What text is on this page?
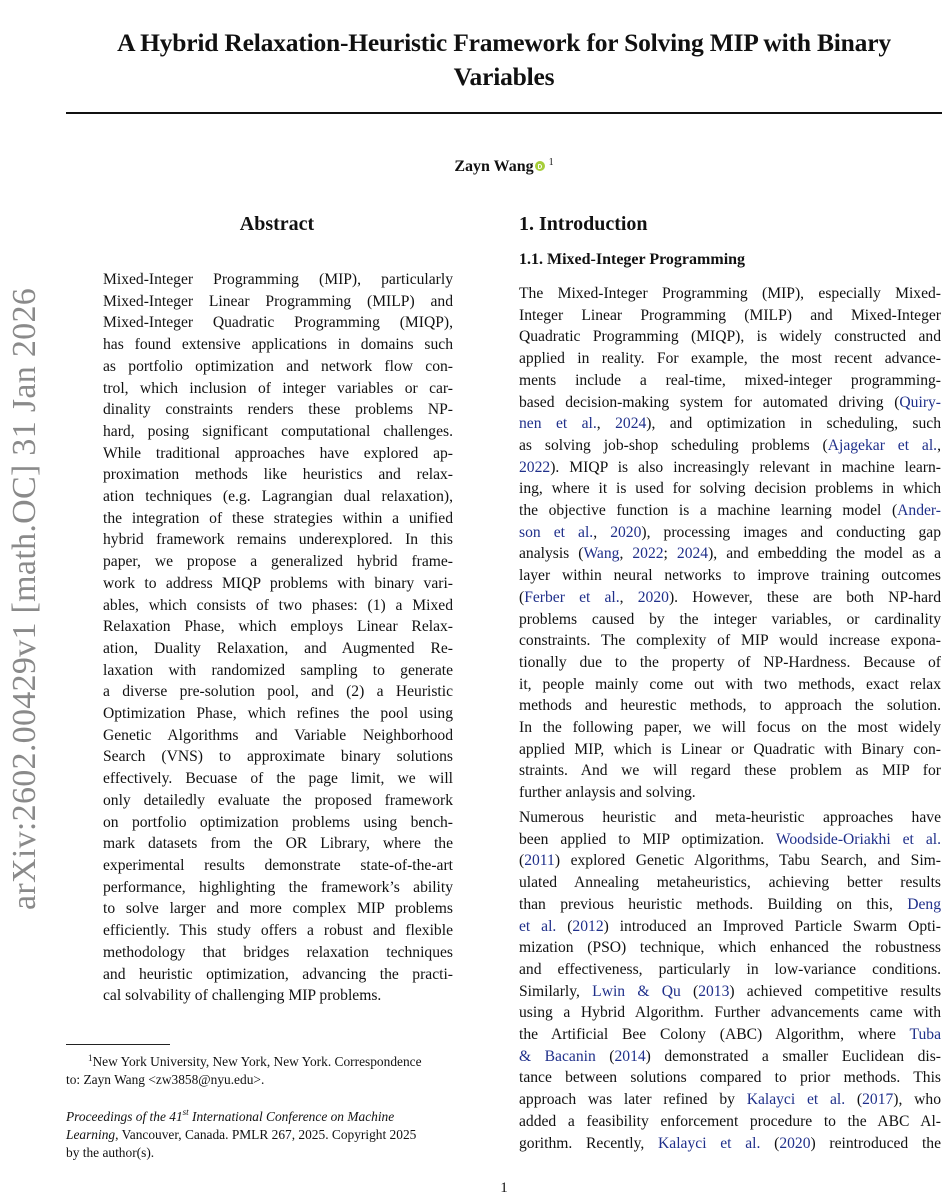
arXiv:2602.00429v1 [math.OC] 31 Jan 2026
A Hybrid Relaxation-Heuristic Framework for Solving MIP with Binary
Variables
Zayn Wang $^1$
Abstract
Mixed-Integer Programming (MIP), particularly
Mixed-Integer Linear Programming (MILP) and
Mixed-Integer Quadratic Programming (MIQP),
has found extensive applications in domains such
as portfolio optimization and network flow con-
trol, which inclusion of integer variables or car-
dinality constraints renders these problems NP-
hard, posing significant computational challenges.
While traditional approaches have explored ap-
proximation methods like heuristics and relax-
ation techniques (e.g. Lagrangian dual relaxation),
the integration of these strategies within a unified
hybrid framework remains underexplored. In this
paper, we propose a generalized hybrid frame-
work to address MIQP problems with binary vari-
ables, which consists of two phases: (1) a Mixed
Relaxation Phase, which employs Linear Relax-
ation, Duality Relaxation, and Augmented Re-
laxation with randomized sampling to generate
a diverse pre-solution pool, and (2) a Heuristic
Optimization Phase, which refines the pool using
Genetic Algorithms and Variable Neighborhood
Search (VNS) to approximate binary solutions
effectively. Becuase of the page limit, we will
only detailedly evaluate the proposed framework
on portfolio optimization problems using bench-
mark datasets from the OR Library, where the
experimental results demonstrate state-of-the-art
performance, highlighting the framework’s ability
to solve larger and more complex MIP problems
efficiently. This study offers a robust and flexible
methodology that bridges relaxation techniques
and heuristic optimization, advancing the practi-
cal solvability of challenging MIP problems.
$^1$New York University, New York, New York. Correspondence
to: Zayn Wang <zw3858@nyu.edu>.
Proceedings of the 41st International Conference on Machine
Learning, Vancouver, Canada. PMLR 267, 2025. Copyright 2025
by the author(s).
1. Introduction
1.1. Mixed-Integer Programming
The Mixed-Integer Programming (MIP), especially Mixed-
Integer Linear Programming (MILP) and Mixed-Integer
Quadratic Programming (MIQP), is widely constructed and
applied in reality. For example, the most recent advance-
ments include a real-time, mixed-integer programming-
based decision-making system for automated driving (Quiry-
nen et al., 2024), and optimization in scheduling, such
as solving job-shop scheduling problems (Ajagekar et al.,
2022). MIQP is also increasingly relevant in machine learn-
ing, where it is used for solving decision problems in which
the objective function is a machine learning model (Ander-
son et al., 2020), processing images and conducting gap
analysis (Wang, 2022; 2024), and embedding the model as a
layer within neural networks to improve training outcomes
(Ferber et al., 2020). However, these are both NP-hard
problems caused by the integer variables, or cardinality
constraints. The complexity of MIP would increase expona-
tionally due to the property of NP-Hardness. Because of
it, people mainly come out with two methods, exact relax
methods and heurestic methods, to approach the solution.
In the following paper, we will focus on the most widely
applied MIP, which is Linear or Quadratic with Binary con-
straints. And we will regard these problem as MIP for
further anlaysis and solving.
Numerous heuristic and meta-heuristic approaches have
been applied to MIP optimization. Woodside-Oriakhi et al.
(2011) explored Genetic Algorithms, Tabu Search, and Sim-
ulated Annealing metaheuristics, achieving better results
than previous heuristic methods. Building on this, Deng
et al. (2012) introduced an Improved Particle Swarm Opti-
mization (PSO) technique, which enhanced the robustness
and effectiveness, particularly in low-variance conditions.
Similarly, Lwin & Qu (2013) achieved competitive results
using a Hybrid Algorithm. Further advancements came with
the Artificial Bee Colony (ABC) Algorithm, where Tuba
& Bacanin (2014) demonstrated a smaller Euclidean dis-
tance between solutions compared to prior methods. This
approach was later refined by Kalayci et al. (2017), who
added a feasibility enforcement procedure to the ABC Al-
gorithm. Recently, Kalayci et al. (2020) reintroduced the
1
